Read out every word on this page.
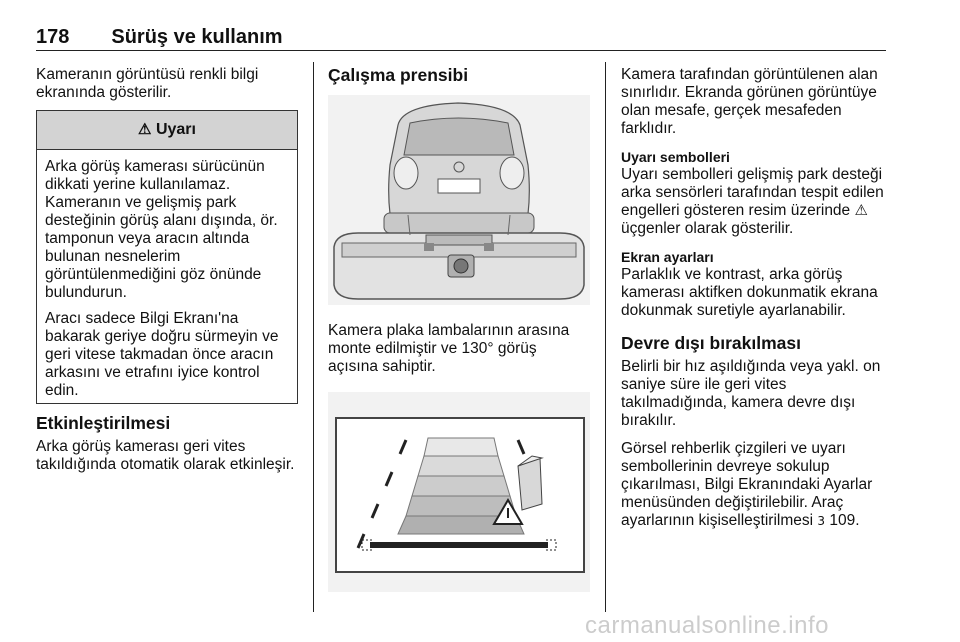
178 Sürüş ve kullanım

Kameranın görüntüsü renkli bilgi ekranında gösterilir.

⚠ Uyarı

Arka görüş kamerası sürücünün dikkati yerine kullanılamaz. Kameranın ve gelişmiş park desteğinin görüş alanı dışında, ör. tamponun veya aracın altında bulunan nesnelerim görüntülenmediğini göz önünde bulundurun.

Aracı sadece Bilgi Ekranı'na bakarak geriye doğru sürmeyin ve geri vitese takmadan önce aracın arkasını ve etrafını iyice kontrol edin.

Etkinleştirilmesi

Arka görüş kamerası geri vites takıldığında otomatik olarak etkinleşir.

Çalışma prensibi

Kamera plaka lambalarının arasına monte edilmiştir ve 130° görüş açısına sahiptir.

Kamera tarafından görüntülenen alan sınırlıdır. Ekranda görünen görüntüye olan mesafe, gerçek mesafeden farklıdır.

Uyarı sembolleri

Uyarı sembolleri gelişmiş park desteği arka sensörleri tarafından tespit edilen engelleri gösteren resim üzerinde ⚠üçgenler olarak gösterilir.

Ekran ayarları

Parlaklık ve kontrast, arka görüş kamerası aktifken dokunmatik ekrana dokunmak suretiyle ayarlanabilir.

Devre dışı bırakılması

Belirli bir hız aşıldığında veya yakl. on saniye süre ile geri vites takılmadığında, kamera devre dışı bırakılır.

Görsel rehberlik çizgileri ve uyarı sembollerinin devreye sokulup çıkarılması, Bilgi Ekranındaki Ayarlar menüsünden değiştirilebilir. Araç ayarlarının kişiselleştirilmesi 3 109.

carmanualsonline.info
